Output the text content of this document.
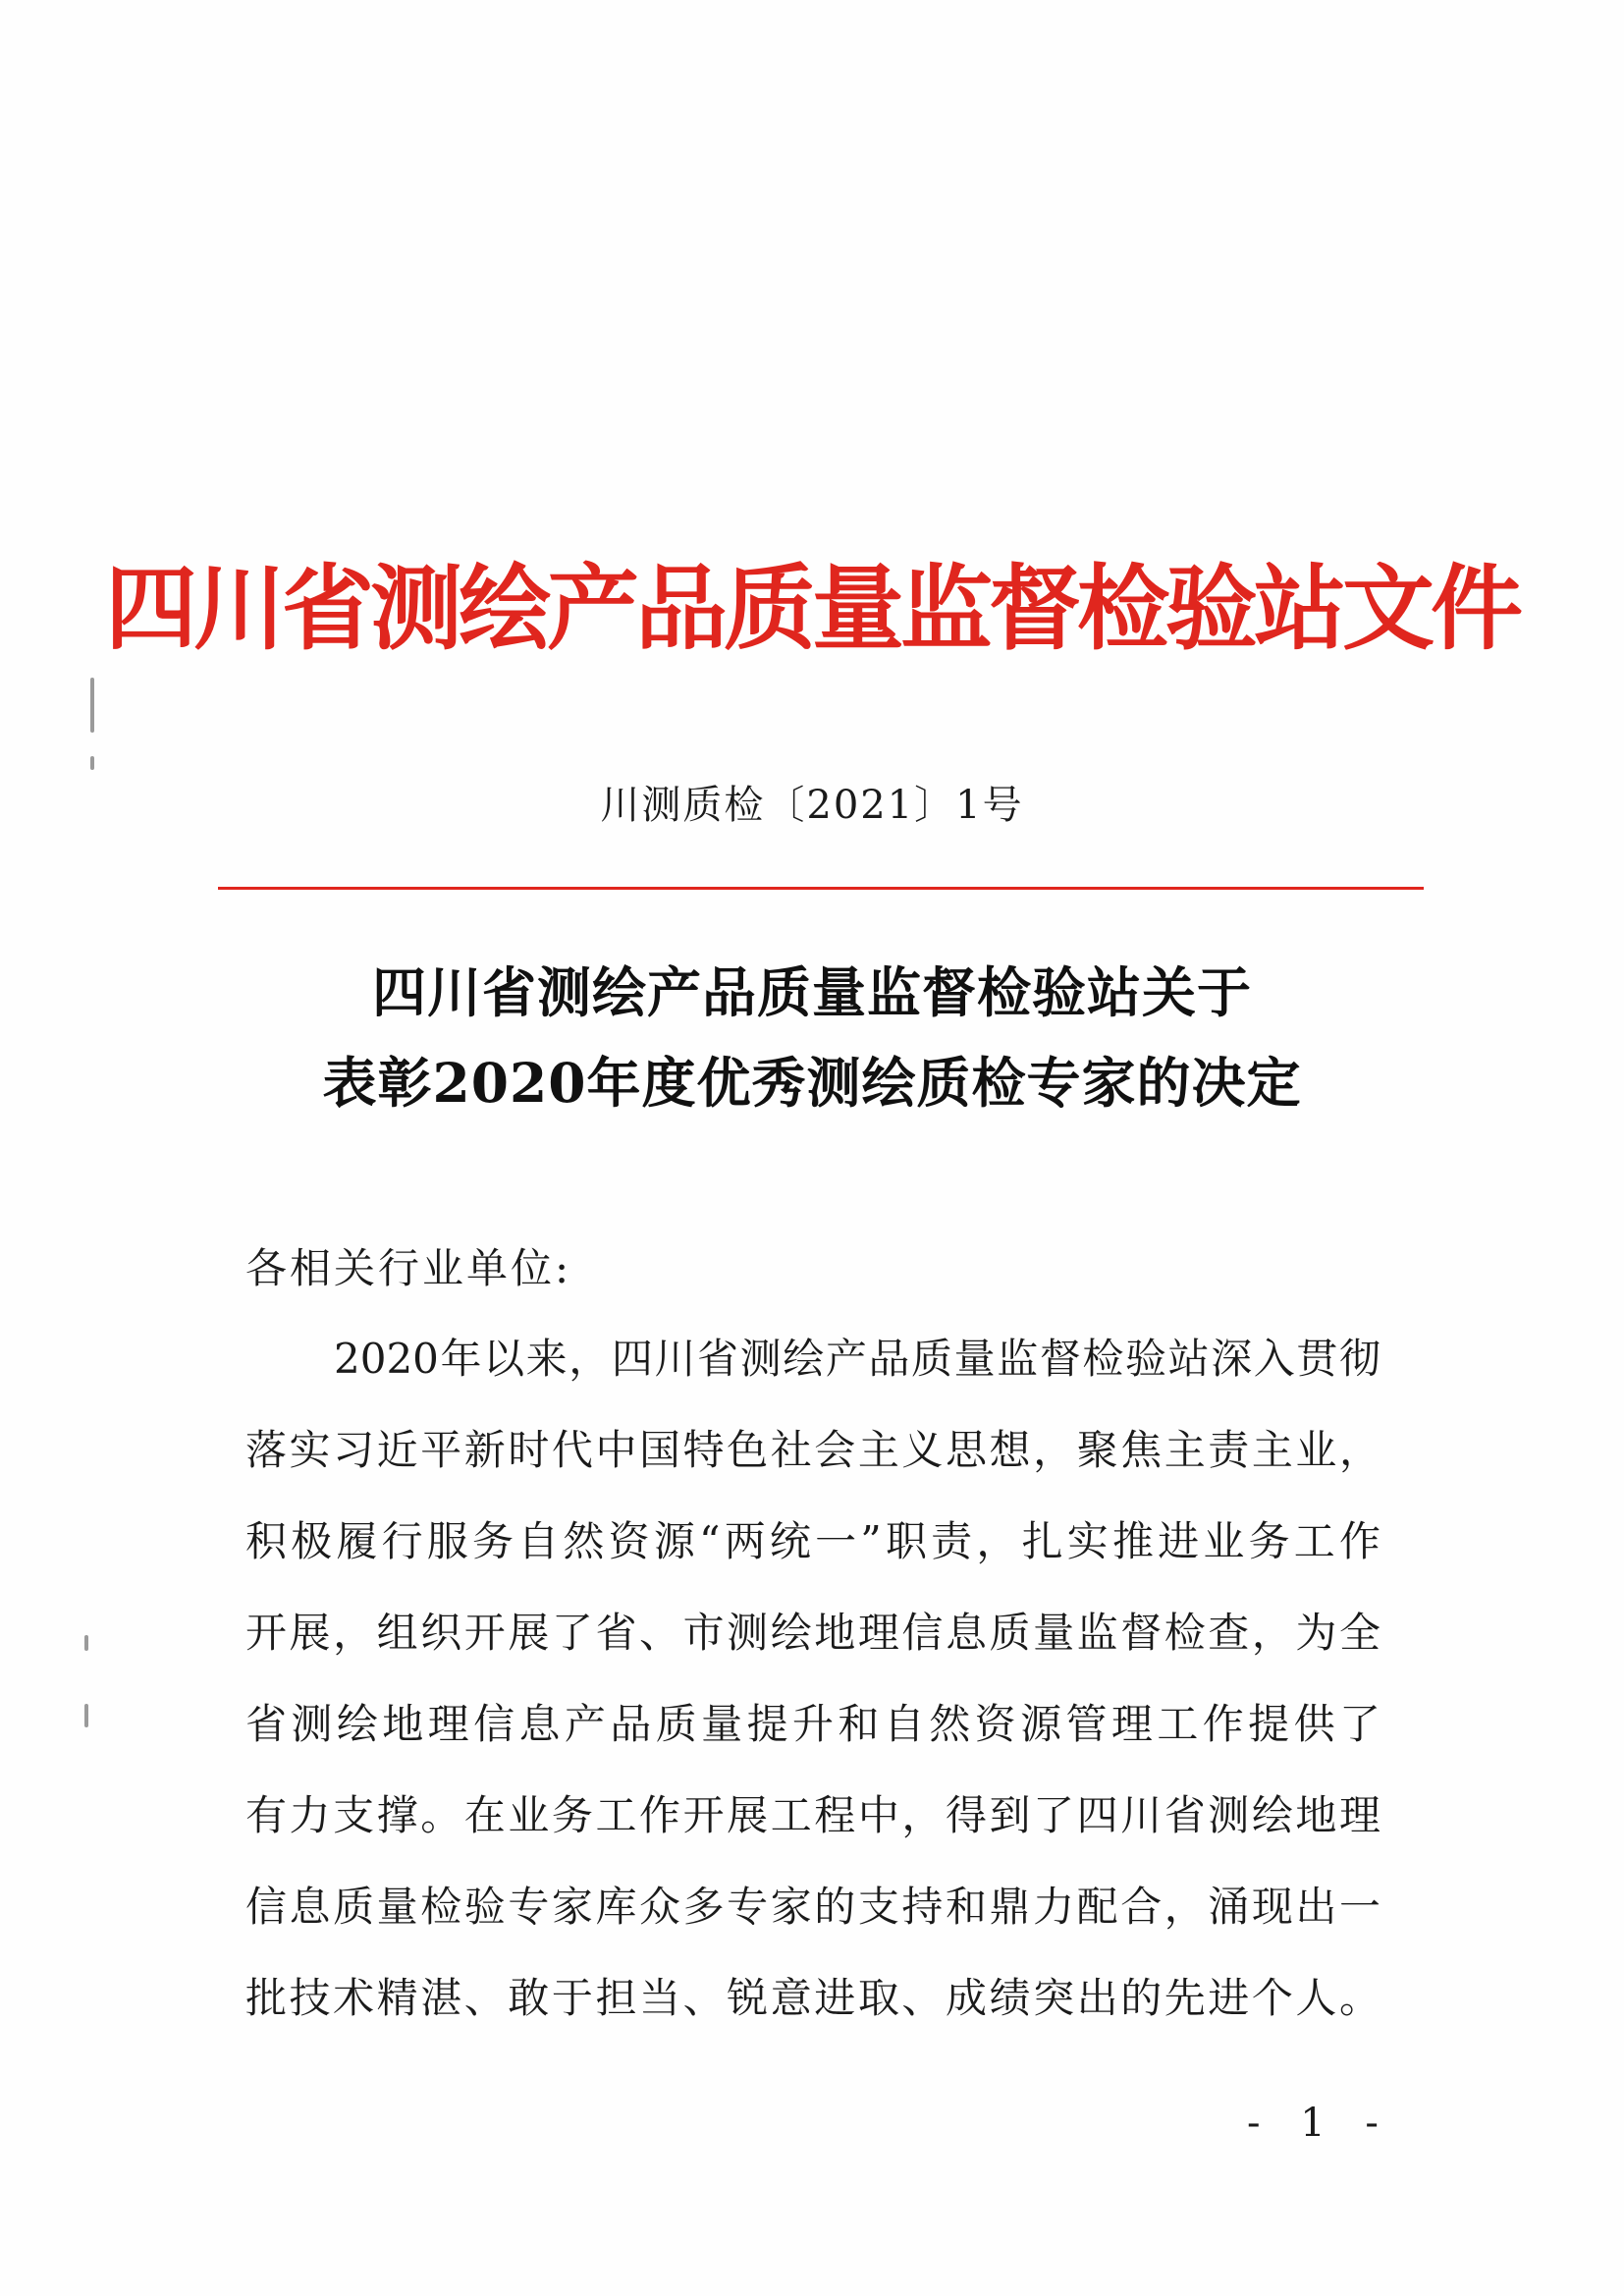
四川省测绘产品质量监督检验站文件
川测质检〔2021〕1号
四川省测绘产品质量监督检验站关于
表彰2020年度优秀测绘质检专家的决定
各相关行业单位:
2020年以来，四川省测绘产品质量监督检验站深入贯彻
落实习近平新时代中国特色社会主义思想，聚焦主责主业，
积极履行服务自然资源“两统一”职责，扎实推进业务工作
开展，组织开展了省、市测绘地理信息质量监督检查，为全
省测绘地理信息产品质量提升和自然资源管理工作提供了
有力支撑。在业务工作开展工程中，得到了四川省测绘地理
信息质量检验专家库众多专家的支持和鼎力配合，涌现出一
批技术精湛、敢于担当、锐意进取、成绩突出的先进个人。
- 1 -
